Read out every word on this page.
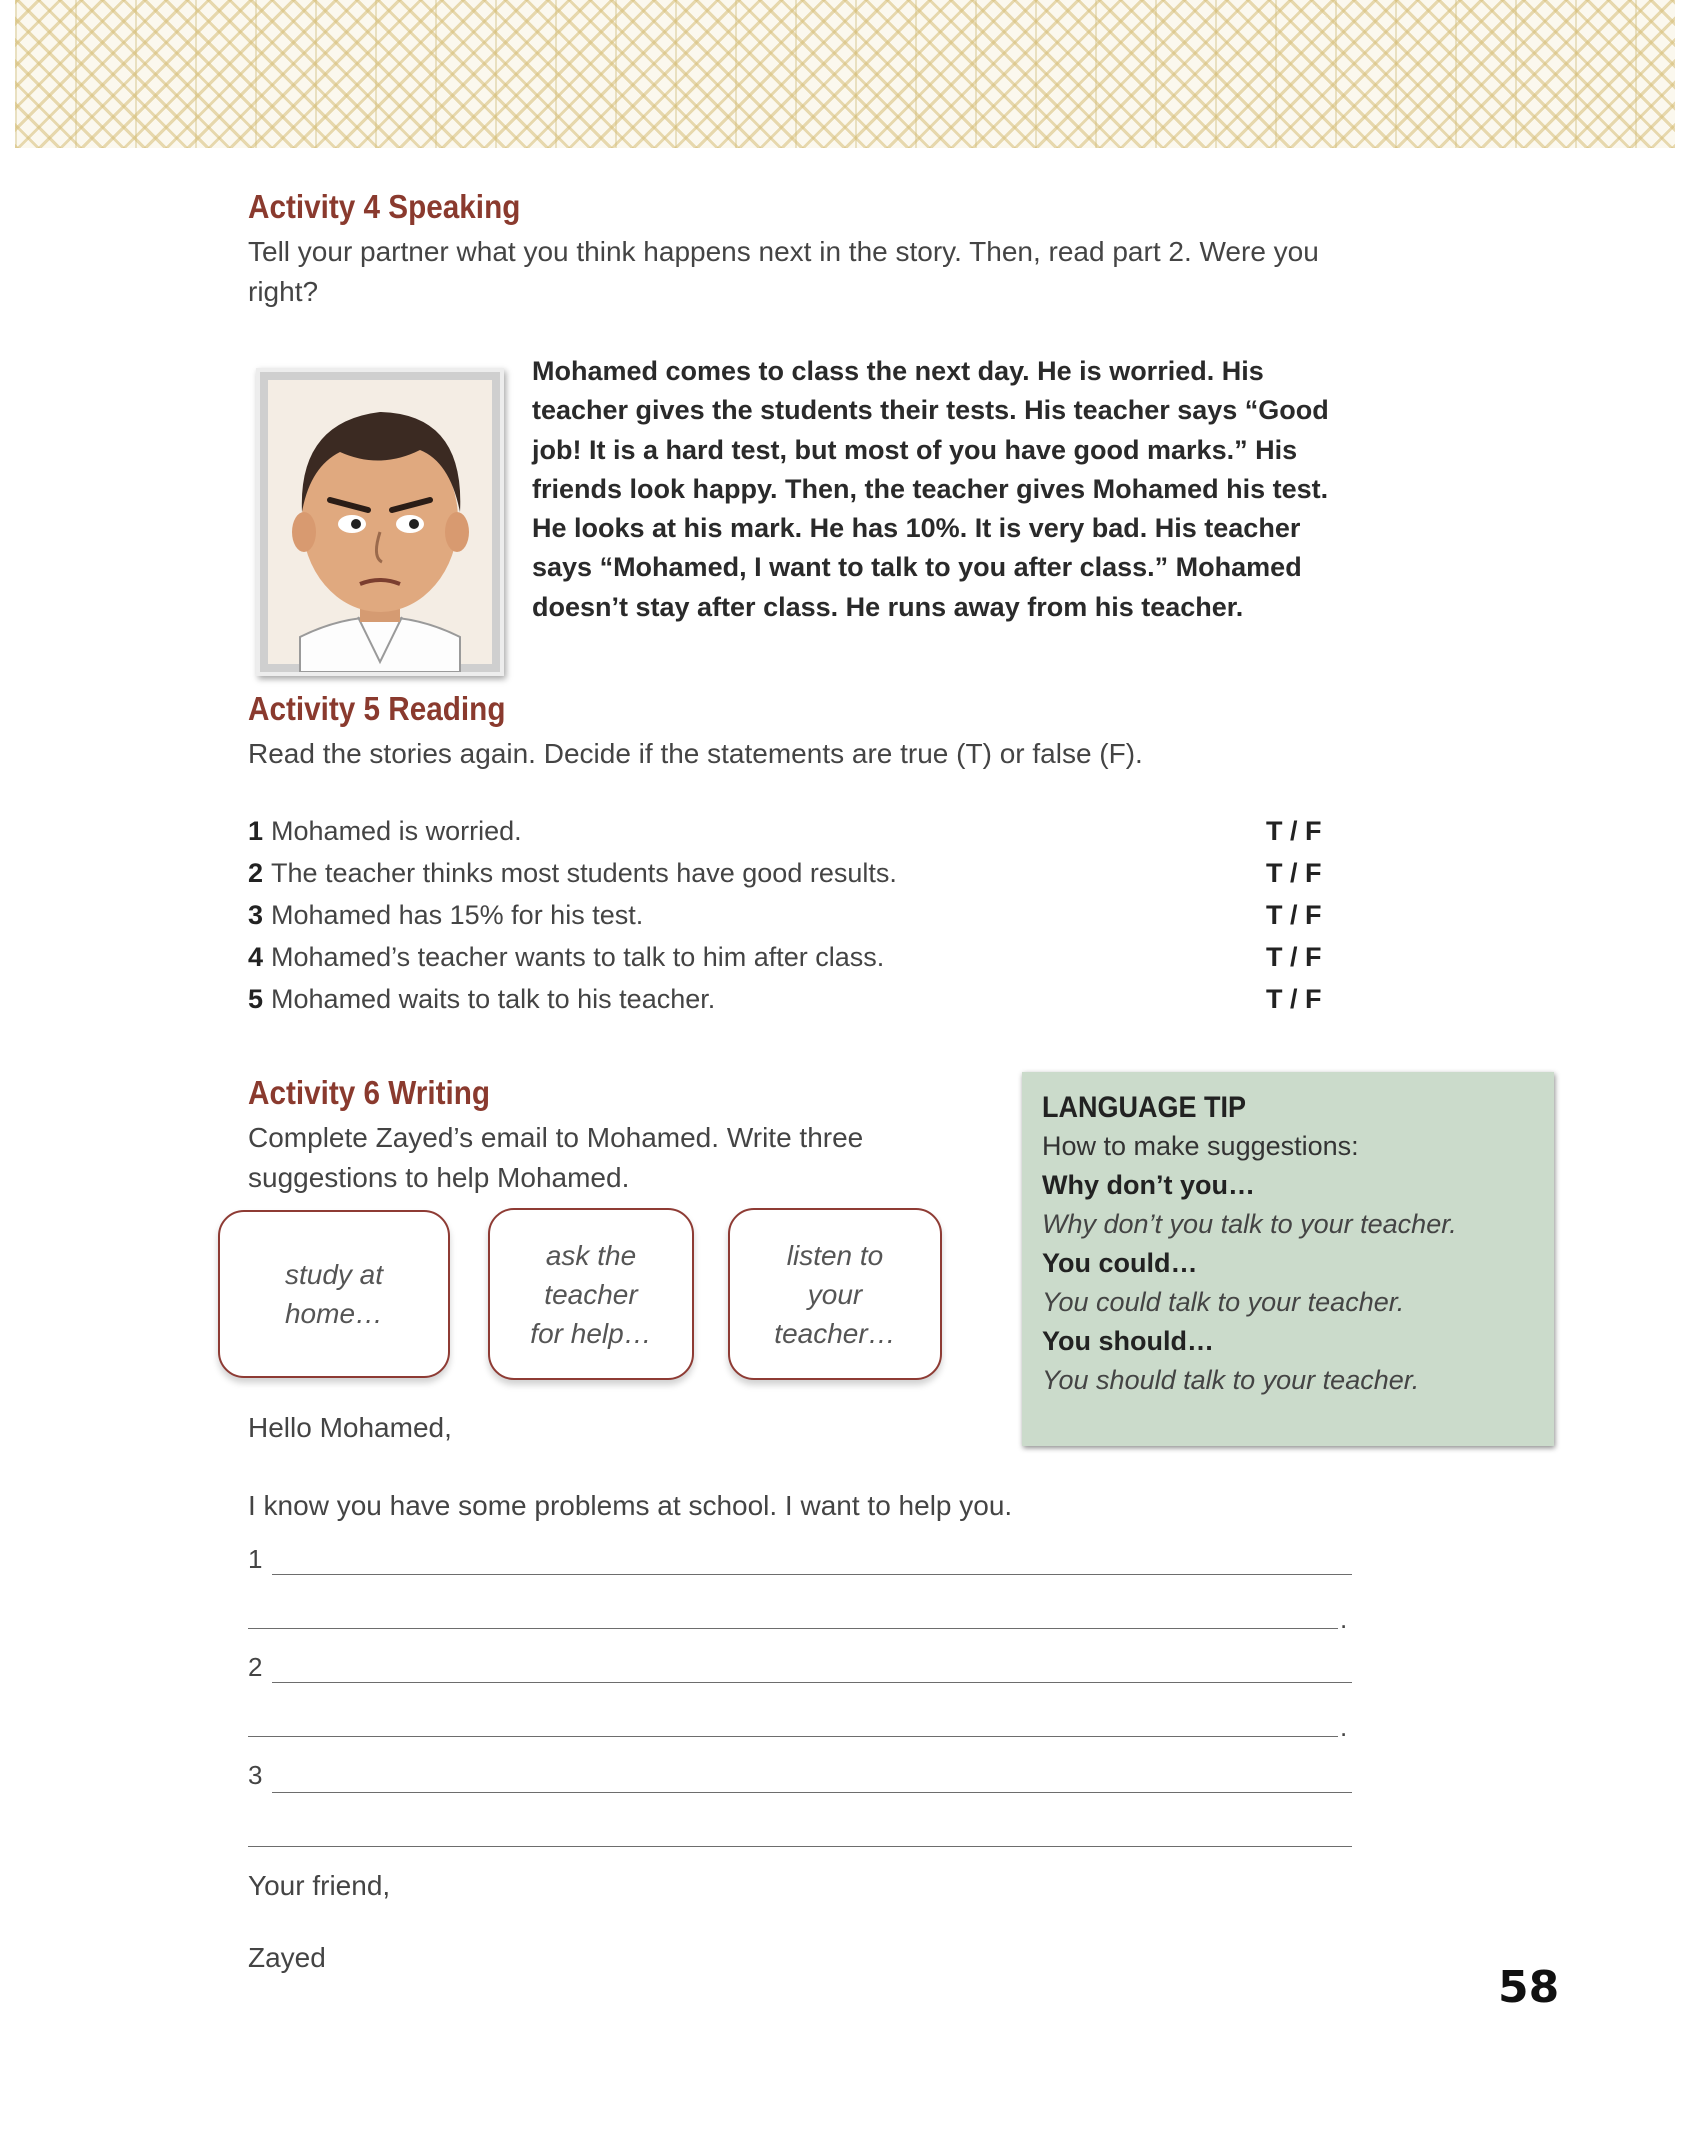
Activity 4 Speaking

Tell your partner what you think happens next in the story. Then, read part 2. Were you right?

Mohamed comes to class the next day. He is worried. His teacher gives the students their tests. His teacher says “Good job! It is a hard test, but most of you have good marks.” His friends look happy. Then, the teacher gives Mohamed his test. He looks at his mark. He has 10%. It is very bad. His teacher says “Mohamed, I want to talk to you after class.” Mohamed doesn’t stay after class. He runs away from his teacher.

Activity 5 Reading

Read the stories again. Decide if the statements are true (T) or false (F).

1 Mohamed is worried.	T / F
2 The teacher thinks most students have good results.	T / F
3 Mohamed has 15% for his test.	T / F
4 Mohamed’s teacher wants to talk to him after class.	T / F
5 Mohamed waits to talk to his teacher.	T / F
Activity 6 Writing

Complete Zayed’s email to Mohamed. Write three suggestions to help Mohamed.

study at
home…
ask the
teacher
for help…
listen to
your
teacher…
LANGUAGE TIP
How to make suggestions:
Why don’t you…
Why don’t you talk to your teacher.
You could…
You could talk to your teacher.
You should…
You should talk to your teacher.

Hello Mohamed,

I know you have some problems at school. I want to help you.

1
.
2
.
3

Your friend,

Zayed

58
